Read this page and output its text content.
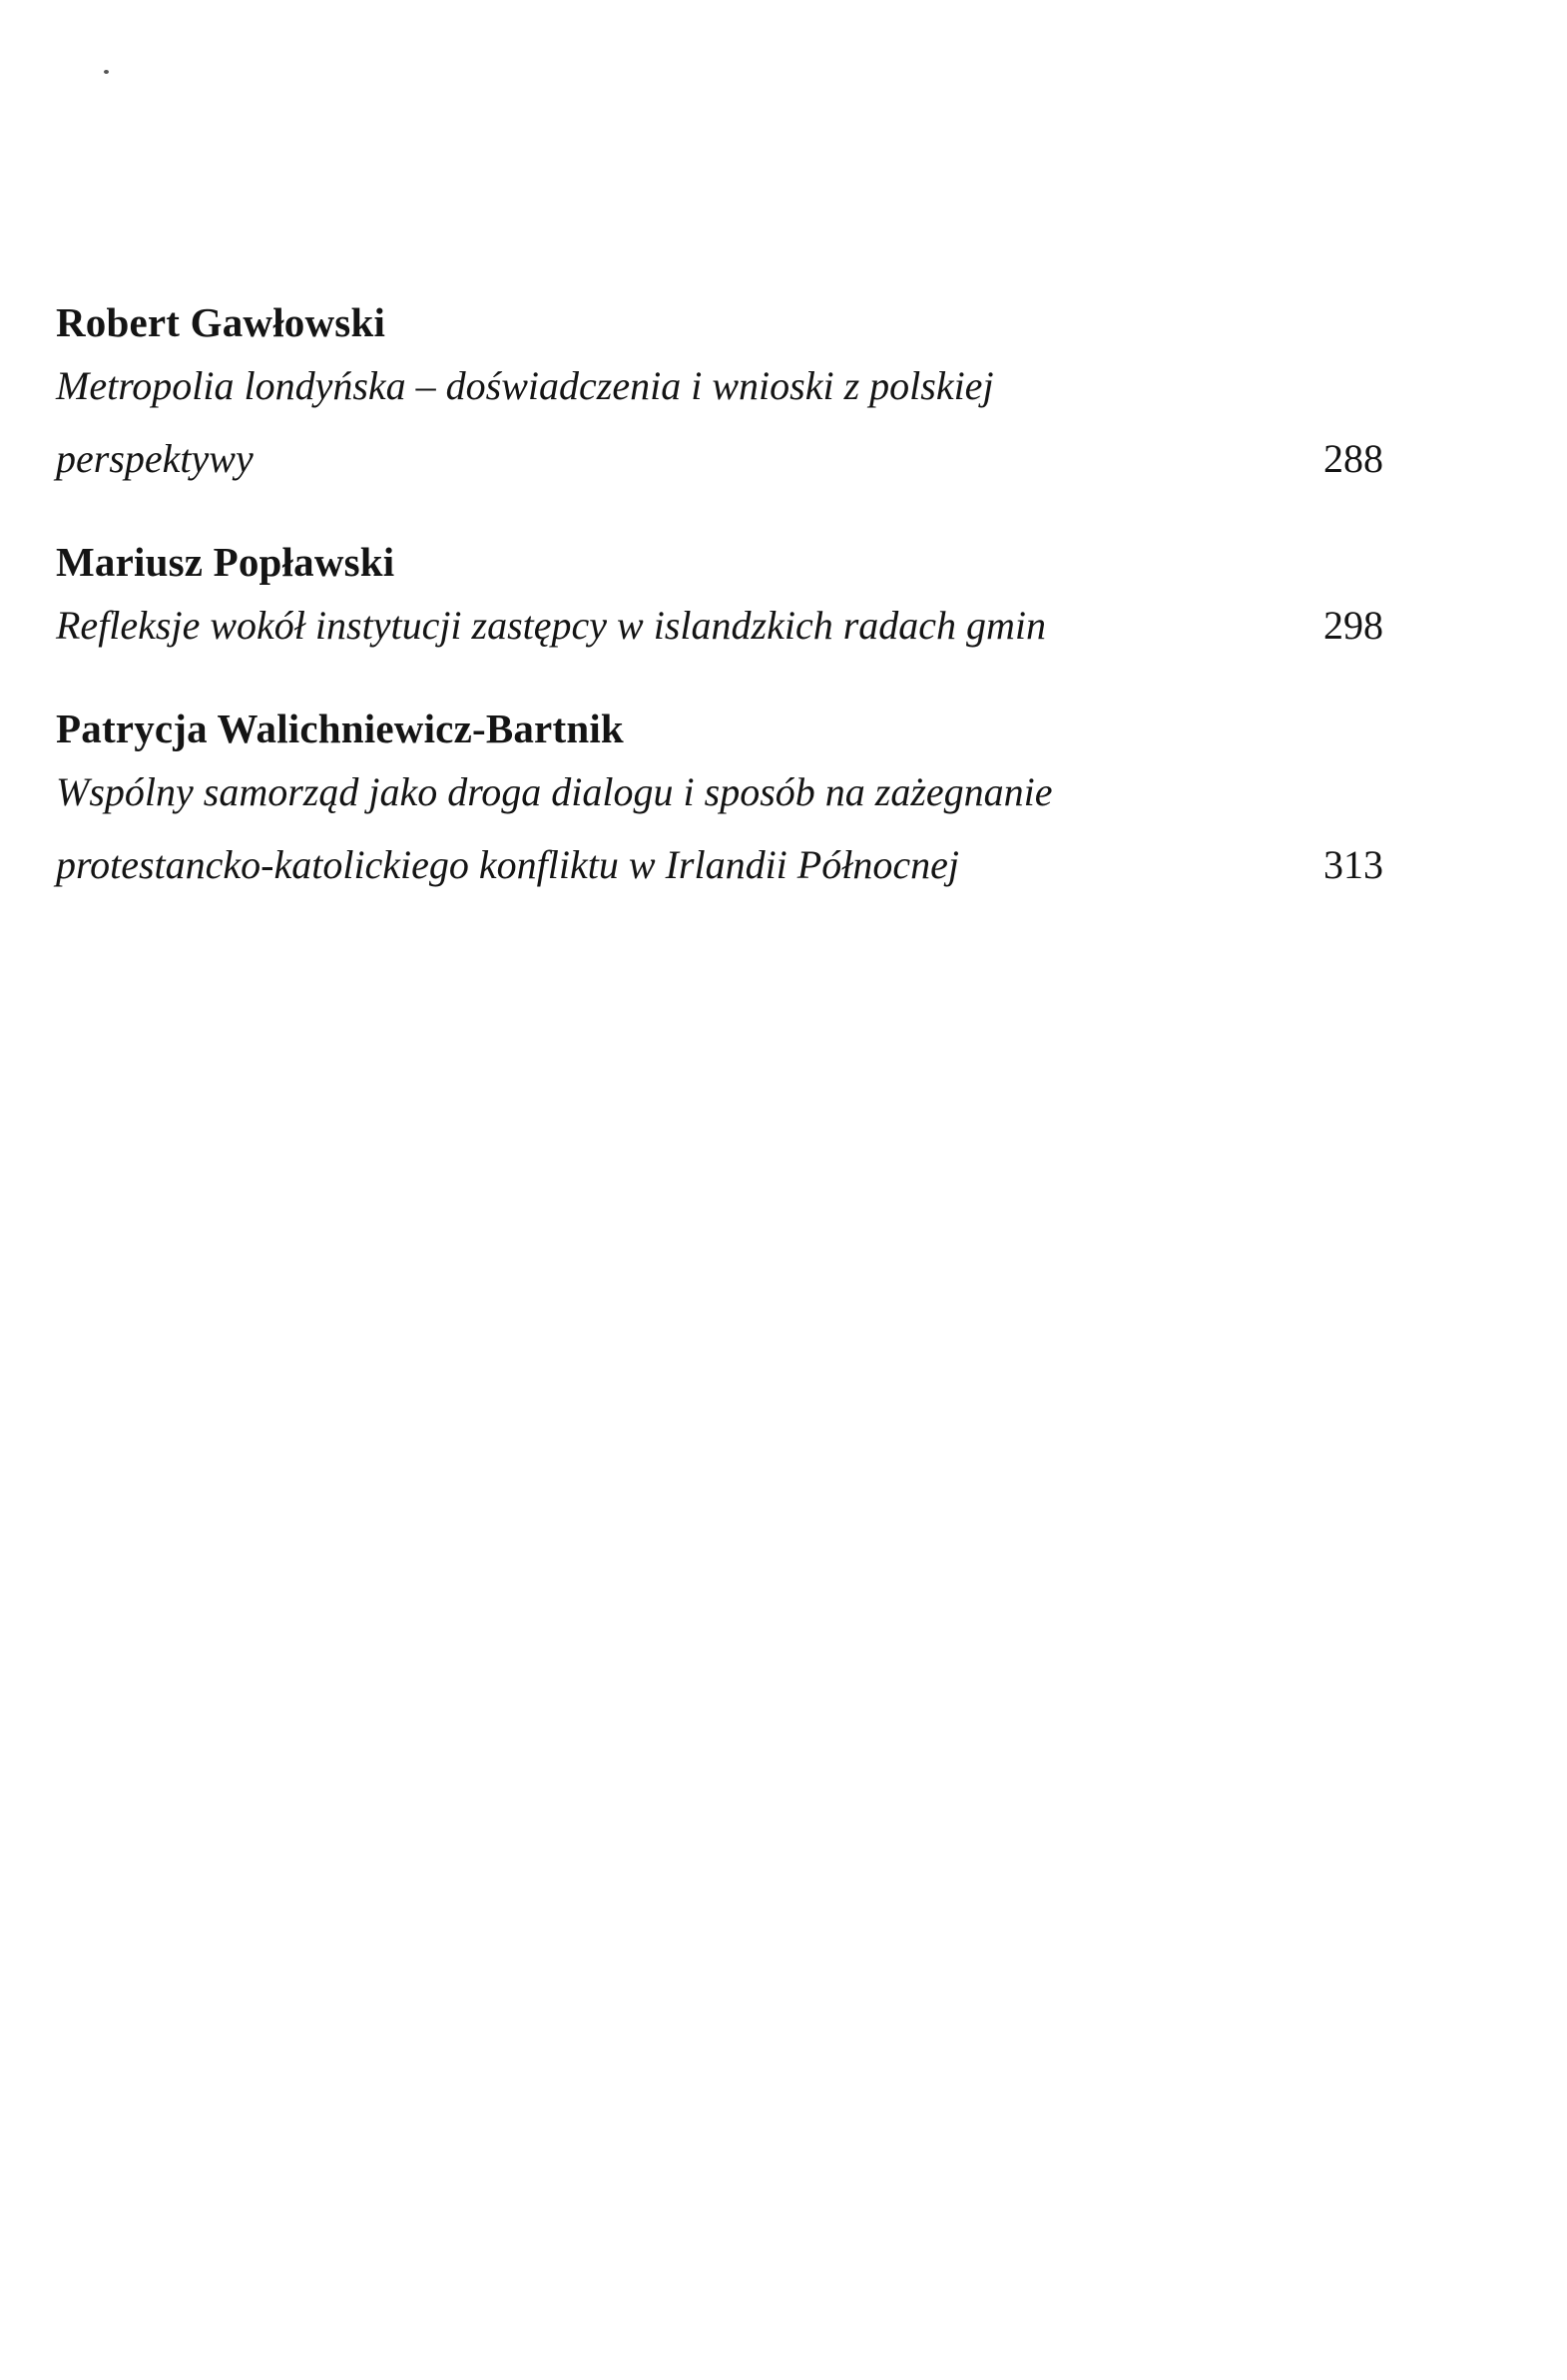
Robert Gawłowski
Metropolia londyńska – doświadczenia i wnioski z polskiej
perspektywy	288
Mariusz Popławski
Refleksje wokół instytucji zastępcy w islandzkich radach gmin	298
Patrycja Walichniewicz-Bartnik
Wspólny samorząd jako droga dialogu i sposób na zażegnanie
protestancko-katolickiego konfliktu w Irlandii Północnej	313
